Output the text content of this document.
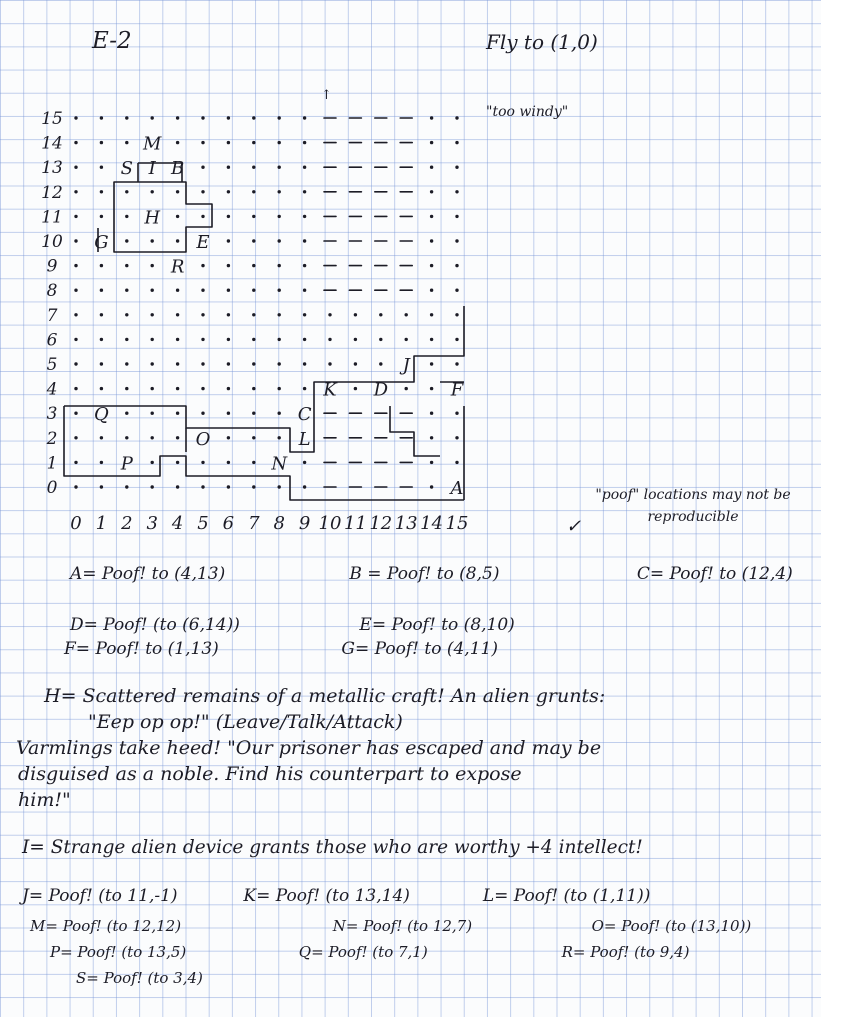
E-2	Fly to (1,0)
"too windy"
↑
15
14
13
12
11
10
9
8
7
6
5
4
3
2
1
0
0 1 2 3 4 5 6 7 8 9 10 11 12 13 14 15
M
S I B
H
G	E
R
J
K D	F
Q	C
O	L
P	N
A	"poof" locations may not be reproducible
✓
A= Poof! to (4,13)	B = Poof! to (8,5)	C= Poof! to (12,4)
D= Poof! (to (6,14))	E= Poof! to (8,10)
F= Poof! to (1,13)	G= Poof! to (4,11)
H= Scattered remains of a metallic craft! An alien grunts:
"Eep op op!" (Leave/Talk/Attack)
Varmlings take heed! "Our prisoner has escaped and may be
disguised as a noble. Find his counterpart to expose
him!"
I= Strange alien device grants those who are worthy +4 intellect!
J= Poof! (to 11,-1)	K= Poof! (to 13,14)	L= Poof! (to (1,11))
M= Poof! (to 12,12)	N= Poof! (to 12,7)	O= Poof! (to (13,10))
P= Poof! (to 13,5)	Q= Poof! (to 7,1)	R= Poof! (to 9,4)
S= Poof! (to 3,4)
